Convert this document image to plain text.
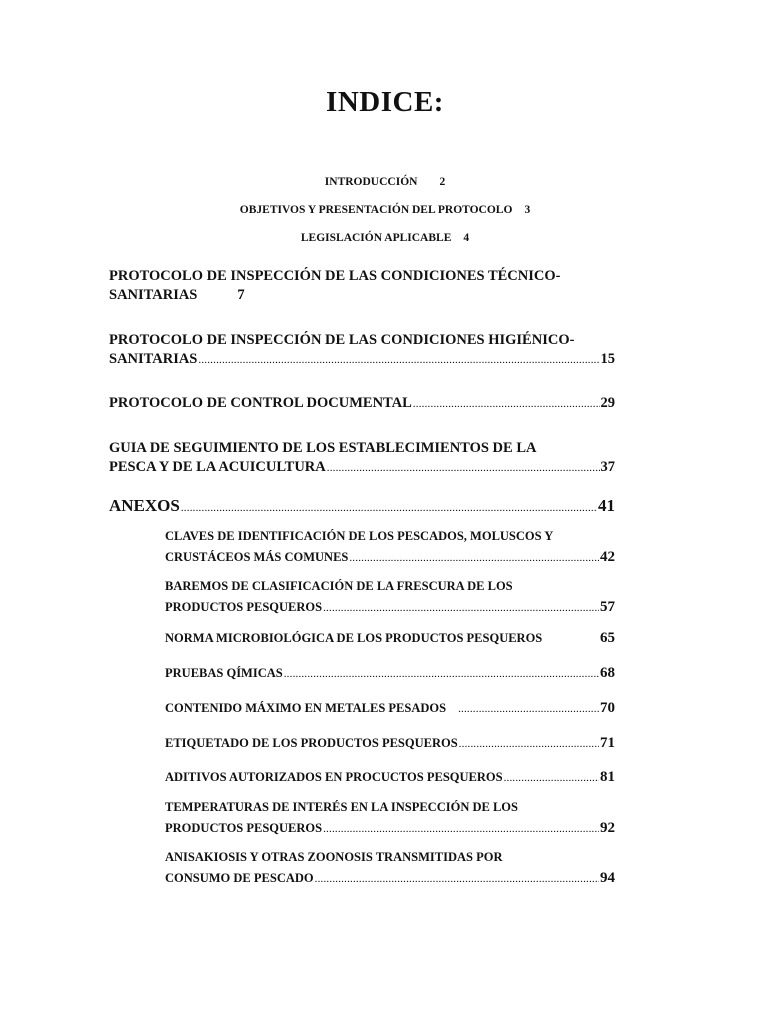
INDICE:
INTRODUCCIÓN 2
OBJETIVOS Y PRESENTACIÓN DEL PROTOCOLO 3
LEGISLACIÓN APLICABLE 4
PROTOCOLO DE INSPECCIÓN DE LAS CONDICIONES TÉCNICO-
SANITARIAS	7
PROTOCOLO DE INSPECCIÓN DE LAS CONDICIONES HIGIÉNICO-
SANITARIAS .....	15
PROTOCOLO DE CONTROL DOCUMENTAL .....	29
GUIA DE SEGUIMIENTO DE LOS ESTABLECIMIENTOS DE LA
PESCA Y DE LA ACUICULTURA .....	37
ANEXOS .....	41
CLAVES DE IDENTIFICACIÓN DE LOS PESCADOS, MOLUSCOS Y
CRUSTÁCEOS MÁS COMUNES .....	42
BAREMOS DE CLASIFICACIÓN DE LA FRESCURA DE LOS
PRODUCTOS PESQUEROS .....	57
NORMA MICROBIOLÓGICA DE LOS PRODUCTOS PESQUEROS	65
PRUEBAS QÍMICAS .....	68
CONTENIDO MÁXIMO EN METALES PESADOS .....	70
ETIQUETADO DE LOS PRODUCTOS PESQUEROS .....	71
ADITIVOS AUTORIZADOS EN PROCUCTOS PESQUEROS .....	81
TEMPERATURAS DE INTERÉS EN LA INSPECCIÓN DE LOS
PRODUCTOS PESQUEROS .....	92
ANISAKIOSIS Y OTRAS ZOONOSIS TRANSMITIDAS POR
CONSUMO DE PESCADO .....	94
